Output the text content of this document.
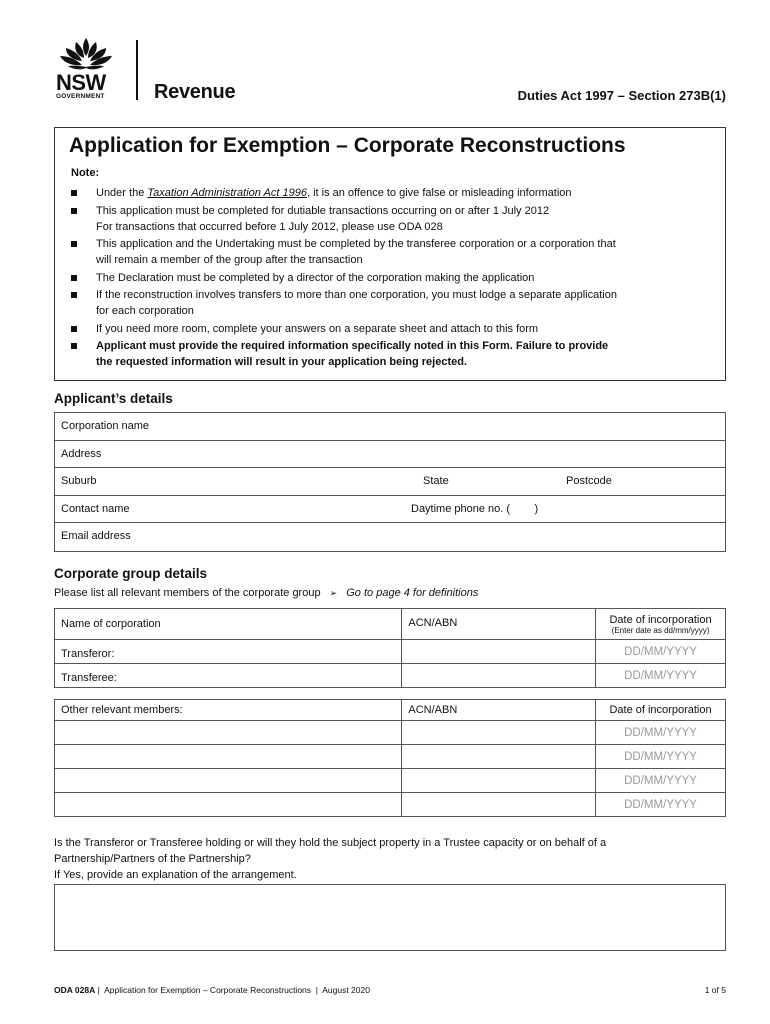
NSW
GOVERNMENT Revenue	Duties Act 1997 – Section 273B(1)
Application for Exemption – Corporate Reconstructions
Note:
Under the Taxation Administration Act 1996, it is an offence to give false or misleading information
This application must be completed for dutiable transactions occurring on or after 1 July 2012
For transactions that occurred before 1 July 2012, please use ODA 028
This application and the Undertaking must be completed by the transferee corporation or a corporation that
will remain a member of the group after the transaction
The Declaration must be completed by a director of the corporation making the application
If the reconstruction involves transfers to more than one corporation, you must lodge a separate application
for each corporation
If you need more room, complete your answers on a separate sheet and attach to this form
Applicant must provide the required information specifically noted in this Form. Failure to provide
the requested information will result in your application being rejected.
Applicant’s details
Corporation name
Address
Suburb	State	Postcode
Contact name	Daytime phone no. (        )
Email address
Corporate group details
Please list all relevant members of the corporate group ➢ Go to page 4 for definitions
Name of corporation	ACN/ABN	Date of incorporation
(Enter date as dd/mm/yyyy)

Transferor:		DD/MM/YYYY
Transferee:		DD/MM/YYYY
Other relevant members:	ACN/ABN	Date of incorporation
		DD/MM/YYYY
		DD/MM/YYYY
		DD/MM/YYYY
		DD/MM/YYYY
Is the Transferor or Transferee holding or will they hold the subject property in a Trustee capacity or on behalf of a
Partnership/Partners of the Partnership?
If Yes, provide an explanation of the arrangement.
ODA 028A |  Application for Exemption – Corporate Reconstructions  |  August 2020	1 of 5
